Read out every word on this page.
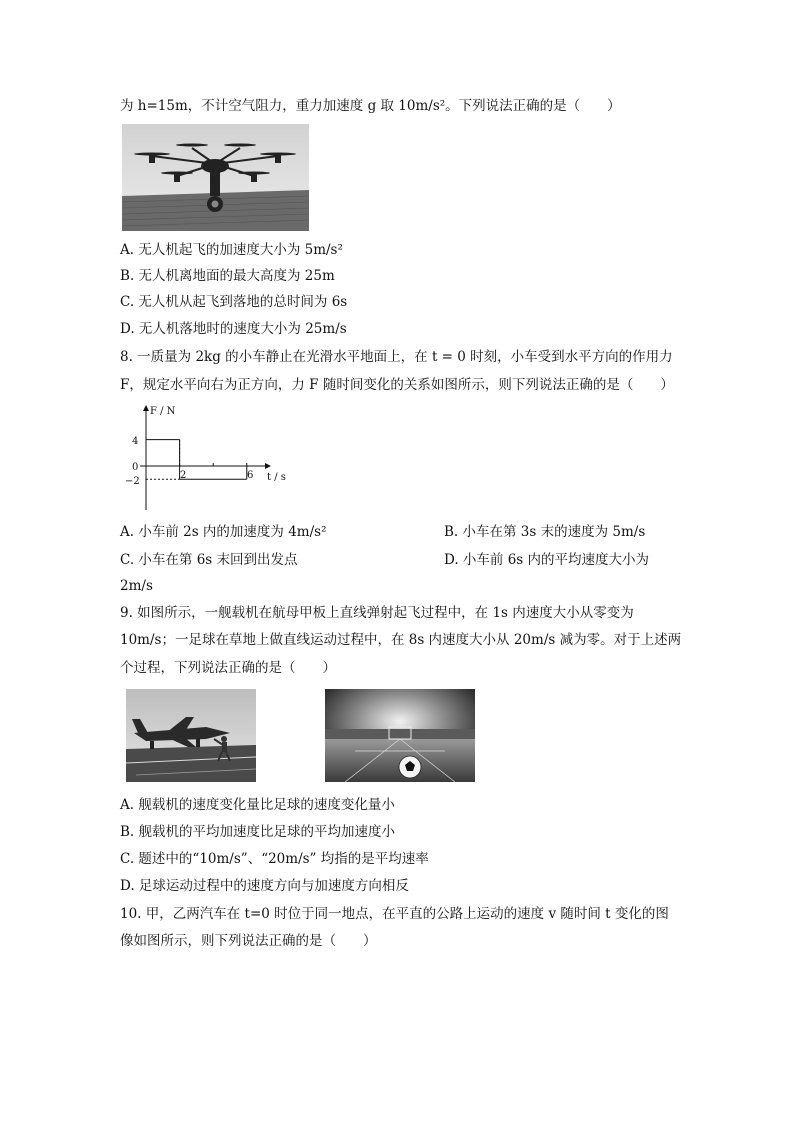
为 h=15m，不计空气阻力，重力加速度 g 取 10m/s²。下列说法正确的是（　　）
A. 无人机起飞的加速度大小为 5m/s²
B. 无人机离地面的最大高度为 25m
C. 无人机从起飞到落地的总时间为 6s
D. 无人机落地时的速度大小为 25m/s
8. 一质量为 2kg 的小车静止在光滑水平地面上，在 t = 0 时刻，小车受到水平方向的作用力
F，规定水平向右为正方向，力 F 随时间变化的关系如图所示，则下列说法正确的是（　　）
F / N
t / s
4
0
−2
2	6
A. 小车前 2s 内的加速度为 4m/s²	B. 小车在第 3s 末的速度为 5m/s
C. 小车在第 6s 末回到出发点	D. 小车前 6s 内的平均速度大小为
2m/s
9. 如图所示，一舰载机在航母甲板上直线弹射起飞过程中，在 1s 内速度大小从零变为
10m/s；一足球在草地上做直线运动过程中，在 8s 内速度大小从 20m/s 减为零。对于上述两
个过程，下列说法正确的是（　　）
A. 舰载机的速度变化量比足球的速度变化量小
B. 舰载机的平均加速度比足球的平均加速度小
C. 题述中的“10m/s”、“20m/s” 均指的是平均速率
D. 足球运动过程中的速度方向与加速度方向相反
10. 甲，乙两汽车在 t=0 时位于同一地点，在平直的公路上运动的速度 v 随时间 t 变化的图
像如图所示，则下列说法正确的是（　　）
